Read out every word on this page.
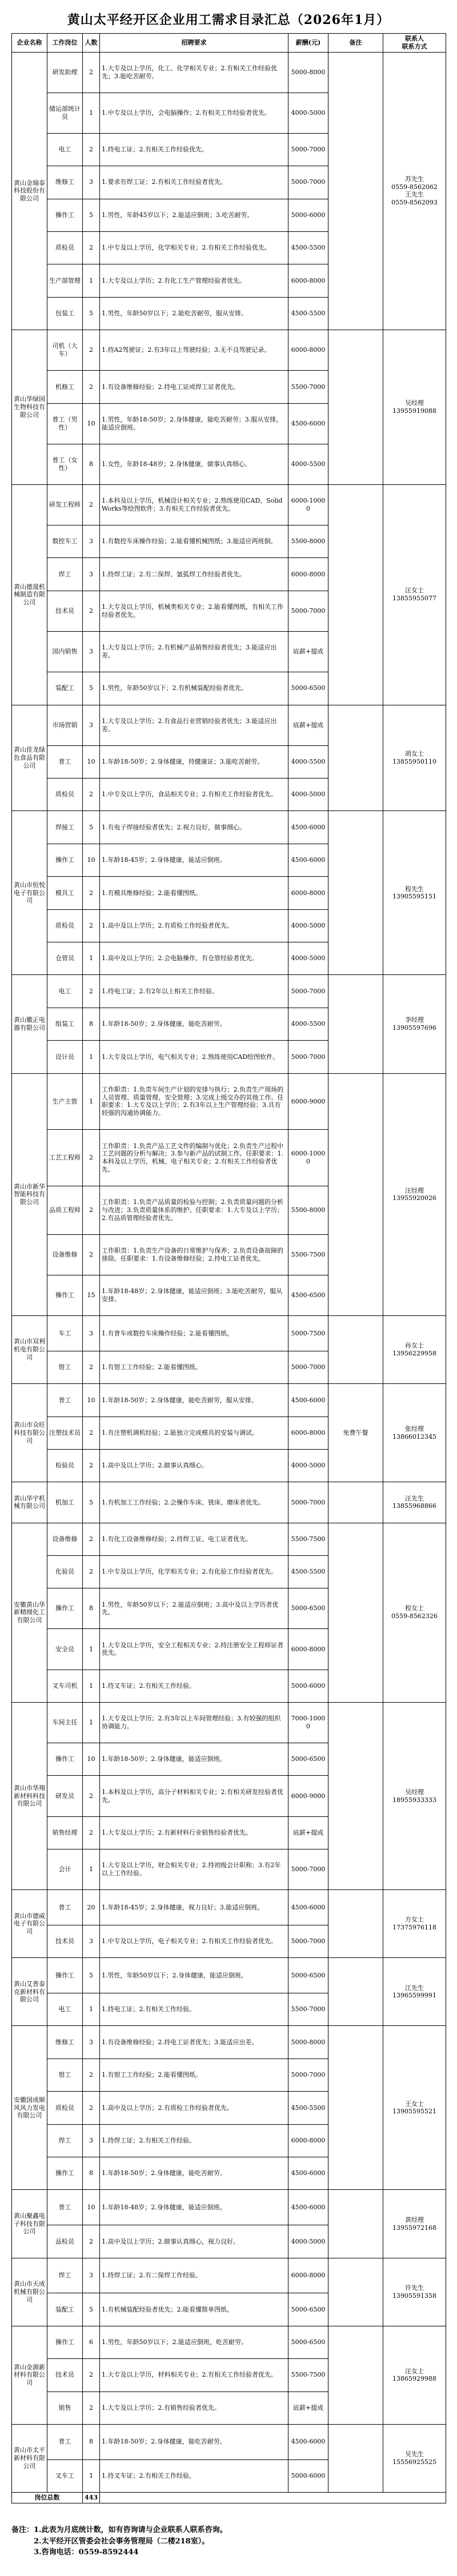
黄山太平经开区企业用工需求目录汇总（2026年1月）
企业名称	工作岗位	人数	招聘要求	薪酬(元)	备注	联系人
联系方式
黄山金瑞泰科技股份有限公司	研发助理	2	1.大专及以上学历，化工、化学相关专业；2.有相关工作经验优先；3.能吃苦耐劳。	5000-8000		苏先生
0559-8562062
王先生
0559-8562093
	储运部统计员	1	1.中专及以上学历，会电脑操作；2.有相关工作经验者优先。	4000-5000		
	电工	2	1.持电工证；2.有相关工作经验优先。	5000-7000		
	维修工	3	1.要求有焊工证；2.有相关工作经验者优先。	5000-7000		
	操作工	5	1.男性，年龄45岁以下；2.能适应倒班；3.吃苦耐劳。	5000-6000		
	质检员	2	1.中专及以上学历，化学相关专业；2.有相关工作经验优先。	4500-5500		
	生产部管理	1	1.大专及以上学历；2.有化工生产管理经验者优先。	6000-8000		
	包装工	5	1.男性，年龄50岁以下；2.能吃苦耐劳，服从安排。	4500-5500		
黄山华绿园生物科技有限公司	司机（大车）	2	1.持A2驾驶证；2.有3年以上驾驶经验；3.无不良驾驶记录。	6000-8000		吴经理
13955919088
	机修工	2	1.有设备维修经验；2.持电工证或焊工证者优先。	5500-7000		
	普工（男性）	10	1.男性，年龄18-50岁；2.身体健康，能吃苦耐劳；3.服从安排，能适应倒班。	4500-6000		
	普工（女性）	8	1.女性，年龄18-48岁；2.身体健康，做事认真细心。	4000-5500		
黄山德晟机械制造有限公司	研发工程师	2	1.本科及以上学历，机械设计相关专业；2.熟练使用CAD、SolidWorks等绘图软件；3.有相关工作经验者优先。	6000-10000		汪女士
13855955077
	数控车工	3	1.有数控车床操作经验；2.能看懂机械图纸；3.能适应两班倒。	5500-8000		
	焊工	3	1.持焊工证；2.有二保焊、氩弧焊工作经验者优先。	6000-8000		
	技术员	2	1.大专及以上学历，机械类相关专业；2.能看懂图纸，有相关工作经验者优先。	5000-7000		
	国内销售	3	1.大专及以上学历；2.有机械产品销售经验者优先；3.能适应出差。	底薪+提成		
	装配工	5	1.男性，年龄50岁以下；2.有机械装配经验者优先。	5000-6500		
黄山佳龙绿色食品有限公司	市场营销	3	1.大专及以上学历；2.有食品行业营销经验者优先；3.能适应出差。	底薪+提成		胡女士
13855950110
	普工	10	1.年龄18-50岁；2.身体健康，持健康证；3.能吃苦耐劳。	4000-5500		
	质检员	2	1.中专及以上学历，食品相关专业；2.有相关工作经验者优先。	4000-5000		
黄山市恒悦电子有限公司	焊接工	5	1.有电子焊接经验者优先；2.视力良好，做事细心。	4500-6000		程先生
13905595151
	操作工	10	1.年龄18-45岁；2.身体健康，能适应倒班。	4500-6000		
	模具工	2	1.有模具维修经验；2.能看懂图纸。	6000-8000		
	质检员	2	1.高中及以上学历；2.有质检工作经验者优先。	4000-5000		
	仓管员	1	1.高中及以上学历；2.会电脑操作，有仓管经验者优先。	4000-5000		
黄山徽正电器有限公司	电工	2	1.持电工证；2.有2年以上相关工作经验。	5000-7000		李经理
13905597696
	组装工	8	1.年龄18-50岁；2.身体健康，能吃苦耐劳。	4000-5500		
	设计员	1	1.大专及以上学历，电气相关专业；2.熟练使用CAD绘图软件。	5000-7000		
黄山市新华智能科技有限公司	生产主管	1	工作职责：1.负责车间生产计划的安排与执行；2.负责生产现场的人员管理、质量管理、安全管理；3.完成上级交办的其他工作。任职要求：1.大专及以上学历；2.有3年以上生产管理经验；3.具有较强的沟通协调能力。	6000-9000		汪经理
13955920026
	工艺工程师	2	工作职责：1.负责产品工艺文件的编制与优化；2.负责生产过程中工艺问题的分析与解决；3.参与新产品的试制工作。任职要求：1.本科及以上学历，机械、电子相关专业；2.有相关工作经验者优先。	6000-10000		
	品质工程师	2	工作职责：1.负责产品质量的检验与控制；2.负责质量问题的分析与改进；3.负责质量体系的维护。任职要求：1.大专及以上学历；2.有品质管理经验者优先。	5500-8000		
	设备维修	2	工作职责：1.负责生产设备的日常维护与保养；2.负责设备故障的排除。任职要求：1.有设备维修经验；2.持电工证者优先。	5500-7500		
	操作工	15	1.年龄18-48岁；2.身体健康，能适应倒班；3.能吃苦耐劳，服从安排。	4500-6500		
黄山市双利机电有限公司	车工	3	1.有普车或数控车床操作经验；2.能看懂图纸。	5000-7500		孙女士
13956229958
	钳工	2	1.有钳工工作经验；2.能看懂图纸。	5000-7000		
黄山市众旺科技有限公司	普工	10	1.年龄18-50岁；2.身体健康，能吃苦耐劳，服从安排。	4500-6000	免费午餐	张经理
13866012345
	注塑技术员	2	1.有注塑机调机经验；2.能独立完成模具的安装与调试。	6000-8000		
	检验员	2	1.高中及以上学历；2.做事认真细心。	4000-5000		
黄山华宇机械有限公司	机加工	5	1.有机加工工作经验；2.会操作车床、铣床、磨床者优先。	5000-7000		汪先生
13855968866
安徽黄山华新精细化工有限公司	设备维修	2	1.有化工设备维修经验；2.持焊工证、电工证者优先。	5500-7500		程女士
0559-8562326
	化验员	2	1.中专及以上学历，化学相关专业；2.有化验工作经验者优先。	4500-5500		
	操作工	8	1.男性，年龄50岁以下；2.能适应倒班；3.高中及以上学历者优先。	5000-6500		
	安全员	1	1.大专及以上学历，安全工程相关专业；2.持注册安全工程师证者优先。	6000-8000		
	叉车司机	1	1.持叉车证；2.有相关工作经验。	5000-6000		
黄山市华翔新材料科技有限公司	车间主任	1	1.大专及以上学历；2.有3年以上车间管理经验；3.有较强的组织协调能力。	7000-10000		吴经理
18955933333
	操作工	10	1.年龄18-50岁；2.身体健康，能适应倒班。	5000-6500		
	研发员	2	1.本科及以上学历，高分子材料相关专业；2.有相关研发经验者优先。	6000-9000		
	销售经理	2	1.大专及以上学历；2.有新材料行业销售经验者优先。	底薪+提成		
	会计	1	1.大专及以上学历，财会相关专业；2.持初级会计职称；3.有2年以上工作经验。	5000-7000		
黄山市德威电子有限公司	普工	20	1.年龄18-45岁；2.身体健康，视力良好；3.能适应倒班。	4500-6000		方女士
17375976118
	技术员	3	1.中专及以上学历，电子相关专业；2.有相关工作经验者优先。	5000-7000		
黄山艾普泰克新材料有限公司	操作工	5	1.男性，年龄50岁以下；2.身体健康，能适应倒班。	5000-6500		江先生
13965599991
	电工	1	1.持电工证；2.有相关工作经验。	5500-7000		
安徽国成顺风风力发电有限公司	维修工	3	1.有设备维修经验；2.持电工证者优先；3.能适应出差。	5000-8000		王女士
13905595521
	钳工	2	1.有钳工工作经验；2.能看懂图纸。	5000-7000		
	质检员	2	1.高中及以上学历；2.有质检工作经验者优先。	4500-5500		
	焊工	3	1.持焊工证；2.有相关工作经验。	6000-8000		
	操作工	8	1.年龄18-50岁；2.身体健康，能吃苦耐劳。	4500-6000		
黄山聚鑫电子科技有限公司	普工	10	1.年龄18-48岁；2.身体健康，能适应倒班。	4500-6000		黄经理
13955972168
	品检员	2	1.高中及以上学历；2.做事认真细心，视力良好。	4000-5000		
黄山市天成机械有限公司	焊工	3	1.持焊工证；2.有二保焊工作经验。	6000-8000		许先生
13905591358
	装配工	5	1.有机械装配经验者优先；2.能看懂简单图纸。	5000-6500		
黄山金源新材料有限公司	操作工	6	1.男性，年龄50岁以下；2.能适应倒班，吃苦耐劳。	5000-6500		汪女士
13865929988
	技术员	2	1.大专及以上学历，材料相关专业；2.有相关工作经验者优先。	5500-7500		
	销售	2	1.大专及以上学历；2.有销售经验者优先。	底薪+提成		
黄山市太平新材料有限公司	普工	8	1.年龄18-50岁；2.身体健康，能吃苦耐劳。	4500-6000		吴先生
15556925525
	叉车工	1	1.持叉车证；2.有相关工作经验。	5000-6000		
岗位总数		443				
备注：1.此表为月底统计数，如有咨询请与企业联系人联系咨询。
2.太平经开区管委会社会事务管理局（二楼218室）。
3.咨询电话：0559-8592444
